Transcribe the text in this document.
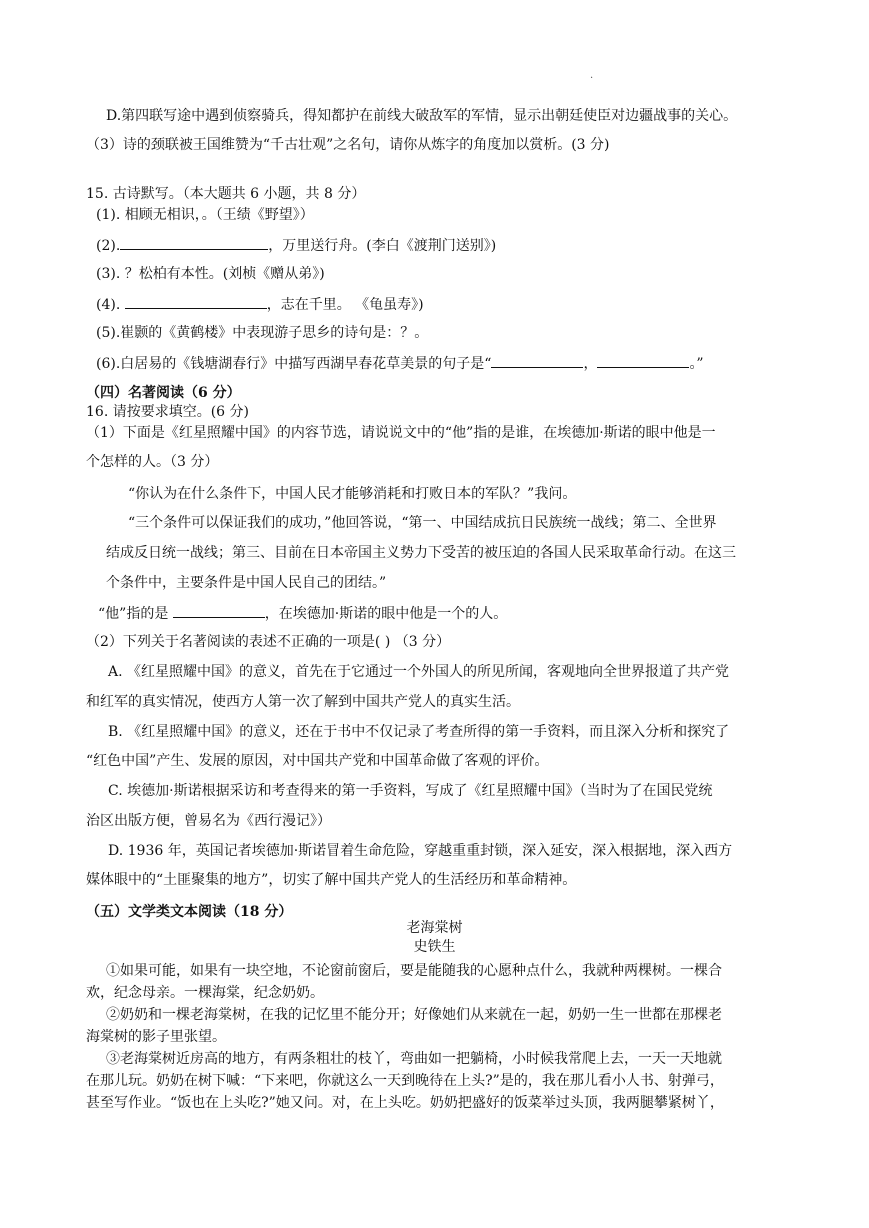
.
D.第四联写途中遇到侦察骑兵，得知都护在前线大破敌军的军情，显示出朝廷使臣对边疆战事的关心。
（3）诗的颈联被王国维赞为“千古壮观”之名句，请你从炼字的角度加以赏析。(3 分)
15. 古诗默写。（本大题共 6 小题，共 8 分）
(1). 相顾无相识，。（王绩《野望》）
(2).	，万里送行舟。(李白《渡荆门送别》)
(3). ？松柏有本性。(刘桢《赠从弟》)
(4).	，志在千里。 《龟虽寿》)
(5).崔颢的《黄鹤楼》中表现游子思乡的诗句是：？。
(6).白居易的《钱塘湖春行》中描写西湖早春花草美景的句子是“	，	。”
（四）名著阅读（6 分）
16. 请按要求填空。(6 分)
（1）下面是《红星照耀中国》的内容节选，请说说文中的“他”指的是谁，在埃德加·斯诺的眼中他是一
个怎样的人。（3 分）
“你认为在什么条件下，中国人民才能够消耗和打败日本的军队？”我问。
“三个条件可以保证我们的成功，”他回答说，“第一、中国结成抗日民族统一战线；第二、全世界
结成反日统一战线；第三、目前在日本帝国主义势力下受苦的被压迫的各国人民采取革命行动。在这三
个条件中，主要条件是中国人民自己的团结。”
“他”指的是	，在埃德加·斯诺的眼中他是一个的人。
（2）下列关于名著阅读的表述不正确的一项是( ) （3 分）
A. 《红星照耀中国》的意义，首先在于它通过一个外国人的所见所闻，客观地向全世界报道了共产党
和红军的真实情况，使西方人第一次了解到中国共产党人的真实生活。
B. 《红星照耀中国》的意义，还在于书中不仅记录了考查所得的第一手资料，而且深入分析和探究了
“红色中国”产生、发展的原因，对中国共产党和中国革命做了客观的评价。
C. 埃德加·斯诺根据采访和考查得来的第一手资料，写成了《红星照耀中国》（当时为了在国民党统
治区出版方便，曾易名为《西行漫记》）
D. 1936 年，英国记者埃德加·斯诺冒着生命危险，穿越重重封锁，深入延安，深入根据地，深入西方
媒体眼中的“土匪聚集的地方”，切实了解中国共产党人的生活经历和革命精神。
（五）文学类文本阅读（18 分）
老海棠树
史铁生
①如果可能，如果有一块空地，不论窗前窗后，要是能随我的心愿种点什么，我就种两棵树。一棵合
欢，纪念母亲。一棵海棠，纪念奶奶。
②奶奶和一棵老海棠树，在我的记忆里不能分开；好像她们从来就在一起，奶奶一生一世都在那棵老
海棠树的影子里张望。
③老海棠树近房高的地方，有两条粗壮的枝丫，弯曲如一把躺椅，小时候我常爬上去，一天一天地就
在那儿玩。奶奶在树下喊：“下来吧，你就这么一天到晚待在上头?”是的，我在那儿看小人书、射弹弓，
甚至写作业。“饭也在上头吃?”她又问。对，在上头吃。奶奶把盛好的饭菜举过头顶，我两腿攀紧树丫，
